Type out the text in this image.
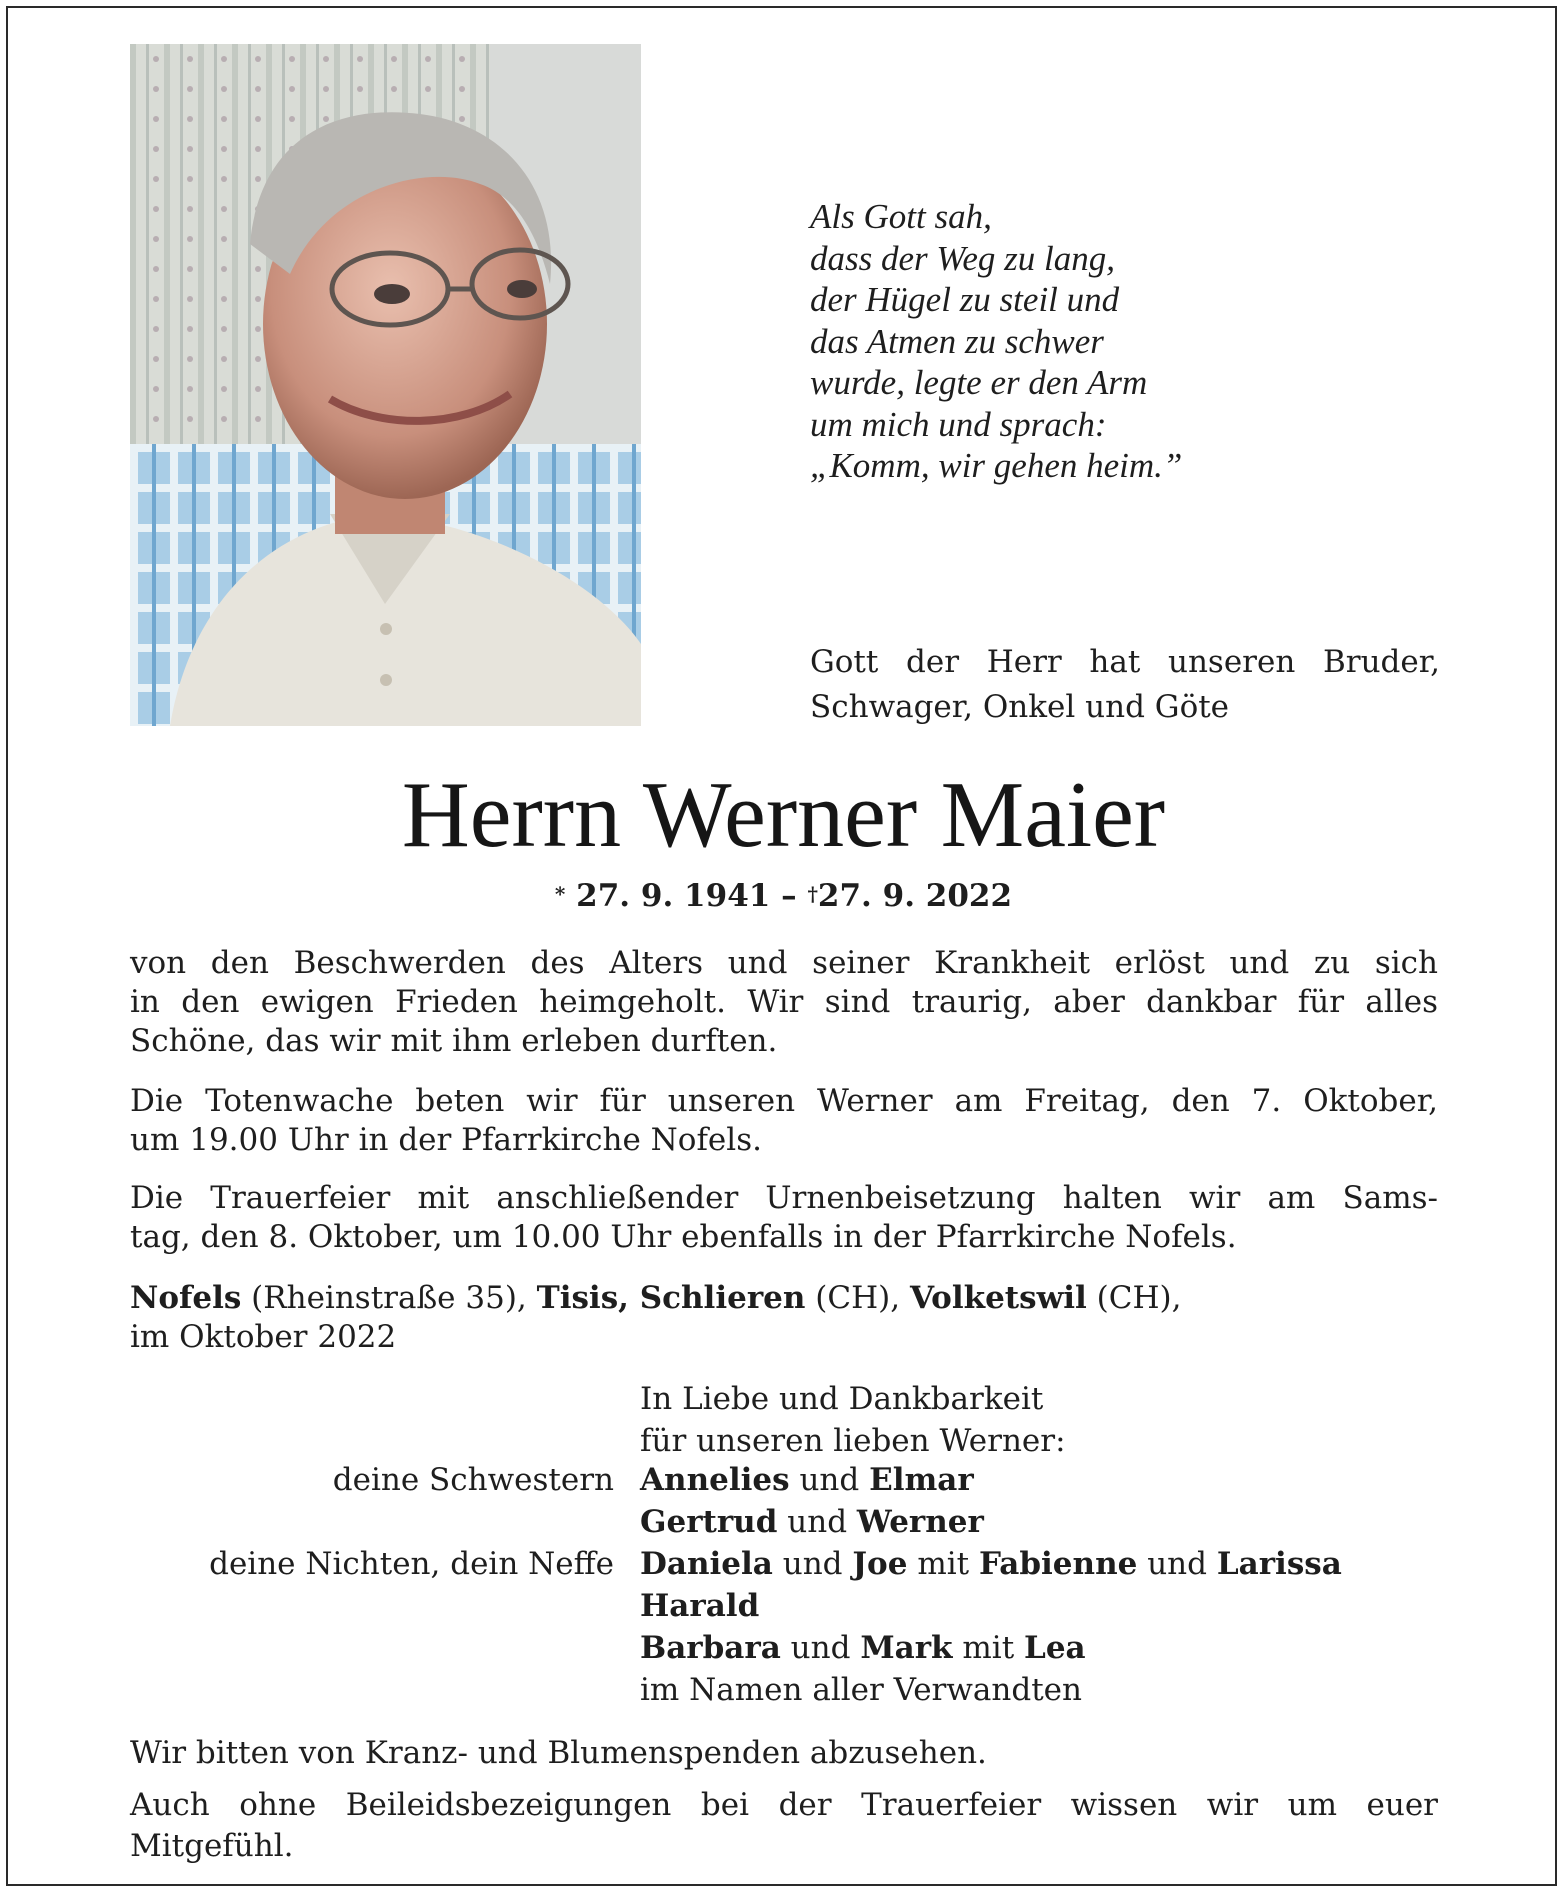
Als Gott sah,
dass der Weg zu lang,
der Hügel zu steil und
das Atmen zu schwer
wurde, legte er den Arm
um mich und sprach:
„Komm, wir gehen heim.”
Gott der Herr hat unseren Bruder,
Schwager, Onkel und Göte
Herrn Werner Maier
* 27. 9. 1941 – †27. 9. 2022
von den Beschwerden des Alters und seiner Krankheit erlöst und zu sich
in den ewigen Frieden heimgeholt. Wir sind traurig, aber dankbar für alles
Schöne, das wir mit ihm erleben durften.
Die Totenwache beten wir für unseren Werner am Freitag, den 7. Oktober,
um 19.00 Uhr in der Pfarrkirche Nofels.
Die Trauerfeier mit anschließender Urnenbeisetzung halten wir am Sams-
tag, den 8. Oktober, um 10.00 Uhr ebenfalls in der Pfarrkirche Nofels.
Nofels (Rheinstraße 35), Tisis, Schlieren (CH), Volketswil (CH),
im Oktober 2022
In Liebe und Dankbarkeit
für unseren lieben Werner:
deine Schwestern Annelies und Elmar
Gertrud und Werner
deine Nichten, dein Neffe Daniela und Joe mit Fabienne und Larissa
Harald
Barbara und Mark mit Lea
im Namen aller Verwandten
Wir bitten von Kranz- und Blumenspenden abzusehen.
Auch ohne Beileidsbezeigungen bei der Trauerfeier wissen wir um euer
Mitgefühl.
